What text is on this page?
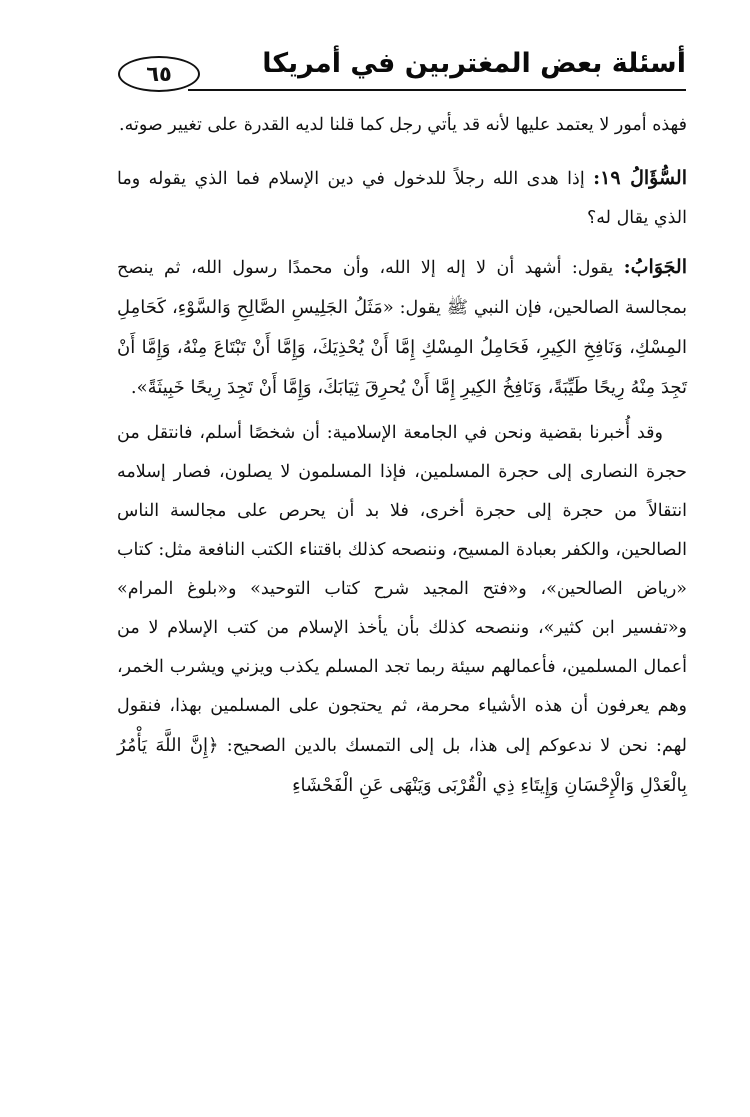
٦٥	أسئلة بعض المغتربين في أمريكا

فهذه أمور لا يعتمد عليها لأنه قد يأتي رجل كما قلنا لديه القدرة على تغيير صوته.

السُّؤَالُ ١٩: إذا هدى الله رجلاً للدخول في دين الإسلام فما الذي يقوله وما الذي يقال له؟

الجَوَابُ: يقول: أشهد أن لا إله إلا الله، وأن محمدًا رسول الله، ثم ينصح بمجالسة الصالحين، فإن النبي ﷺ يقول: «مَثَلُ الجَلِيسِ الصَّالِحِ وَالسَّوْءِ، كَحَامِلِ المِسْكِ، وَنَافِخِ الكِيرِ، فَحَامِلُ المِسْكِ إِمَّا أَنْ يُحْذِيَكَ، وَإِمَّا أَنْ تَبْتَاعَ مِنْهُ، وَإِمَّا أَنْ تَجِدَ مِنْهُ رِيحًا طَيِّبَةً، وَنَافِخُ الكِيرِ إِمَّا أَنْ يُحرِقَ ثِيَابَكَ، وَإِمَّا أَنْ تَجِدَ رِيحًا خَبِيثَةً».

وقد أُخبرنا بقضية ونحن في الجامعة الإسلامية: أن شخصًا أسلم، فانتقل من حجرة النصارى إلى حجرة المسلمين، فإذا المسلمون لا يصلون، فصار إسلامه انتقالاً من حجرة إلى حجرة أخرى، فلا بد أن يحرص على مجالسة الناس الصالحين، والكفر بعبادة المسيح، وننصحه كذلك باقتناء الكتب النافعة مثل: كتاب «رياض الصالحين»، و«فتح المجيد شرح كتاب التوحيد» و«بلوغ المرام» و«تفسير ابن كثير»، وننصحه كذلك بأن يأخذ الإسلام من كتب الإسلام لا من أعمال المسلمين، فأعمالهم سيئة ربما تجد المسلم يكذب ويزني ويشرب الخمر، وهم يعرفون أن هذه الأشياء محرمة، ثم يحتجون على المسلمين بهذا، فنقول لهم: نحن لا ندعوكم إلى هذا، بل إلى التمسك بالدين الصحيح: ﴿إِنَّ اللَّهَ يَأْمُرُ بِالْعَدْلِ وَالْإِحْسَانِ وَإِيتَاءِ ذِي الْقُرْبَى وَيَنْهَى عَنِ الْفَحْشَاءِ
